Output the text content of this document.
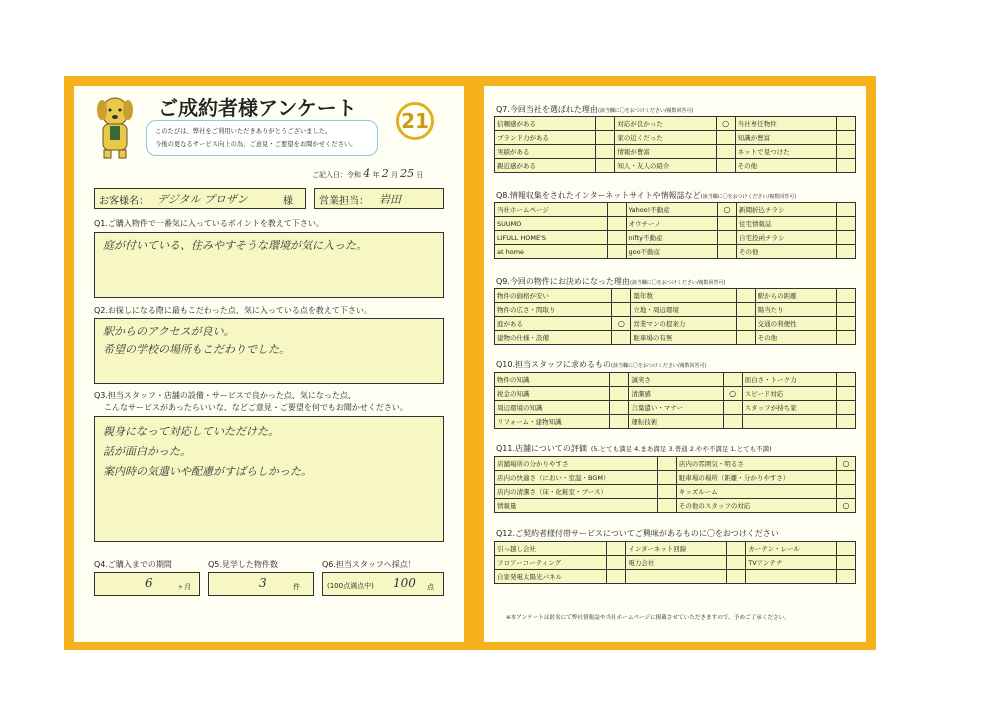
ご成約者様アンケート
このたびは、弊社をご利用いただきありがとうございました。
今後の更なるサービス向上の為、ご意見・ご要望をお聞かせください。
21
ご記入日：令和 4 年 2 月 25 日
お客様名： デジタル プロザン	様	営業担当： 岩田
Q1.ご購入物件で一番気に入っているポイントを教えて下さい。
庭が付いている、住みやすそうな環境が気に入った。
Q2.お探しになる際に最もこだわった点、気に入っている点を教えて下さい。
駅からのアクセスが良い。
希望の学校の場所もこだわりでした。
Q3.担当スタッフ・店舗の設備・サービスで良かった点、気になった点、
こんなサービスがあったらいいな、などご意見・ご要望を何でもお聞かせください。
親身になって対応していただけた。
話が面白かった。
案内時の気遣いや配慮がすばらしかった。
Q4.ご購入までの期間
6	ヶ月
Q5.見学した物件数
3	件
Q6.担当スタッフへ採点！
(100点満点中) 100 点
Q7.今回当社を選ばれた理由(該当欄に〇をおつけください/複数回答可)
信頼感がある		対応が良かった	○	当社専任物件	
ブランド力がある		家の近くだった		知識が豊富	
実績がある		情報が豊富		ネットで見つけた	
親近感がある		知人・友人の紹介		その他	
Q8.情報収集をされたインターネットサイトや情報誌など(該当欄に〇をおつけください/複数回答可)
当社ホームページ		Yahoo!不動産	○	新聞折込チラシ	
SUUMO		オウチーノ		住宅情報誌	
LIFULL HOME'S		nifty不動産		自宅投函チラシ	
at home		goo不動産		その他	
Q9.今回の物件にお決めになった理由(該当欄に〇をおつけください/複数回答可)
物件の価格が安い		築年数		駅からの距離	
物件の広さ・間取り		立地・周辺環境		陽当たり	
庭がある	○	営業マンの提案力		交通の利便性	
建物の仕様・設備		駐車場の有無		その他	
Q10.担当スタッフに求めるもの(該当欄に〇をおつけください/複数回答可)
物件の知識		誠実さ		面白さ・トーク力	
税金の知識		清潔感	○	スピード対応	
周辺環境の知識		言葉遣い・マナー		スタッフが持ち家	
リフォーム・建物知識		運転技術			
Q11.店舗についての評価 (5.とても満足 4.まあ満足 3.普通 2.やや不満足 1.とても不満)
店舗場所の分かりやすさ		店内の雰囲気・明るさ	○
店内の快適さ（におい・室温・BGM）		駐車場の場所（距離・分かりやすさ）	
店内の清潔さ（床・化粧室・ブース）		キッズルーム	
情報量		その他のスタッフの対応	○
Q12.ご契約者様付帯サービスについてご興味があるものに〇をおつけください
引っ越し会社		インターネット回線		カーテン・レール	
フロアーコーティング		電力会社		TVアンテナ	
自家発電太陽光パネル					
※本アンケートは匿名にて弊社情報誌や当社ホームページに掲載させていただきますので、予めご了承ください。
